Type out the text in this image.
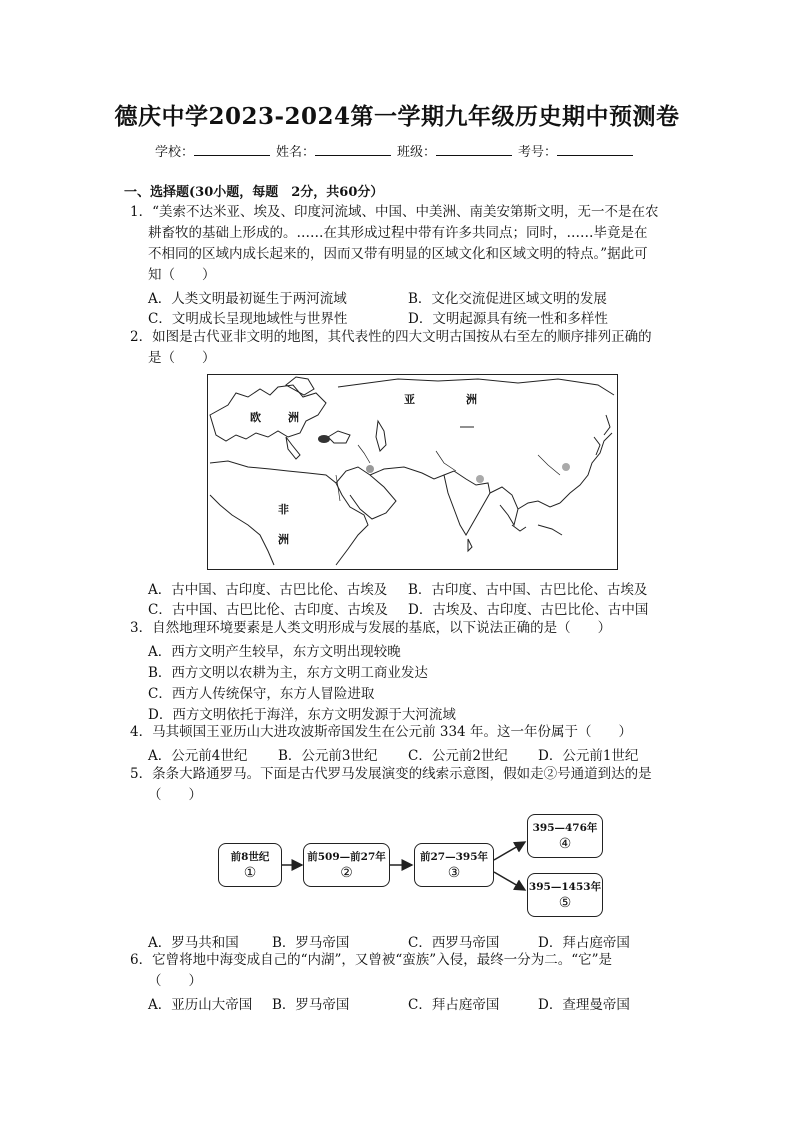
德庆中学2023-2024第一学期九年级历史期中预测卷
学校：	姓名：	班级：	考号：
一、选择题(30小题，每题　2分，共60分）
1．“美索不达米亚、埃及、印度河流域、中国、中美洲、南美安第斯文明，无一不是在农
耕畜牧的基础上形成的。……在其形成过程中带有许多共同点；同时，……毕竟是在
不相同的区域内成长起来的，因而又带有明显的区域文化和区域文明的特点。”据此可
知（　　）
A．人类文明最初诞生于两河流域	B．文化交流促进区域文明的发展
C．文明成长呈现地域性与世界性	D．文明起源具有统一性和多样性
2．如图是古代亚非文明的地图，其代表性的四大文明古国按从右至左的顺序排列正确的
是（　　）
亚	洲
欧 洲
非
洲
A．古中国、古印度、古巴比伦、古埃及 B．古印度、古中国、古巴比伦、古埃及
C．古中国、古巴比伦、古印度、古埃及 D．古埃及、古印度、古巴比伦、古中国
3．自然地理环境要素是人类文明形成与发展的基底，以下说法正确的是（　　）
A．西方文明产生较早，东方文明出现较晚
B．西方文明以农耕为主，东方文明工商业发达
C．西方人传统保守，东方人冒险进取
D．西方文明依托于海洋，东方文明发源于大河流域
4．马其顿国王亚历山大进攻波斯帝国发生在公元前 334 年。这一年份属于（　　）
A．公元前4世纪 B．公元前3世纪 C．公元前2世纪 D．公元前1世纪
5．条条大路通罗马。下面是古代罗马发展演变的线索示意图，假如走②号通道到达的是
（　　）
前8世纪
①
前509—前27年
②
前27—395年
③
395—476年
④
395—1453年
⑤
A．罗马共和国 B．罗马帝国	C．西罗马帝国	D．拜占庭帝国
6．它曾将地中海变成自己的“内湖”，又曾被“蛮族”入侵，最终一分为二。“它”是
（　　）
A．亚历山大帝国 B．罗马帝国	C．拜占庭帝国	D．查理曼帝国
